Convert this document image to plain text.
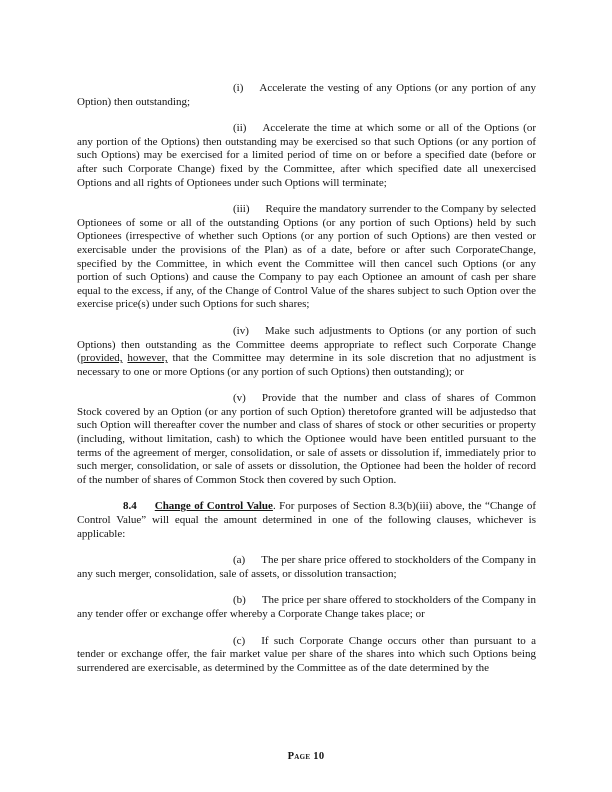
(i) Accelerate the vesting of any Options (or any portion of any Option) then outstanding;

(ii) Accelerate the time at which some or all of the Options (or any portion of the Options) then outstanding may be exercised so that such Options (or any portion of such Options) may be exercised for a limited period of time on or before a specified date (before or after such Corporate Change) fixed by the Committee, after which specified date all unexercised Options and all rights of Optionees under such Options will terminate;

(iii) Require the mandatory surrender to the Company by selected Optionees of some or all of the outstanding Options (or any portion of such Options) held by such Optionees (irrespective of whether such Options (or any portion of such Options) are then vested or exercisable under the provisions of the Plan) as of a date, before or after such CorporateChange, specified by the Committee, in which event the Committee will then cancel such Options (or any portion of such Options) and cause the Company to pay each Optionee an amount of cash per share equal to the excess, if any, of the Change of Control Value of the shares subject to such Option over the exercise price(s) under such Options for such shares;

(iv) Make such adjustments to Options (or any portion of such Options) then outstanding as the Committee deems appropriate to reflect such Corporate Change (provided, however, that the Committee may determine in its sole discretion that no adjustment is necessary to one or more Options (or any portion of such Options) then outstanding); or

(v) Provide that the number and class of shares of Common Stock covered by an Option (or any portion of such Option) theretofore granted will be adjustedso that such Option will thereafter cover the number and class of shares of stock or other securities or property (including, without limitation, cash) to which the Optionee would have been entitled pursuant to the terms of the agreement of merger, consolidation, or sale of assets or dissolution if, immediately prior to such merger, consolidation, or sale of assets or dissolution, the Optionee had been the holder of record of the number of shares of Common Stock then covered by such Option.

8.4 Change of Control Value. For purposes of Section 8.3(b)(iii) above, the “Change of Control Value” will equal the amount determined in one of the following clauses, whichever is applicable:

(a) The per share price offered to stockholders of the Company in any such merger, consolidation, sale of assets, or dissolution transaction;

(b) The price per share offered to stockholders of the Company in any tender offer or exchange offer whereby a Corporate Change takes place; or

(c) If such Corporate Change occurs other than pursuant to a tender or exchange offer, the fair market value per share of the shares into which such Options being surrendered are exercisable, as determined by the Committee as of the date determined by the

Page 10
